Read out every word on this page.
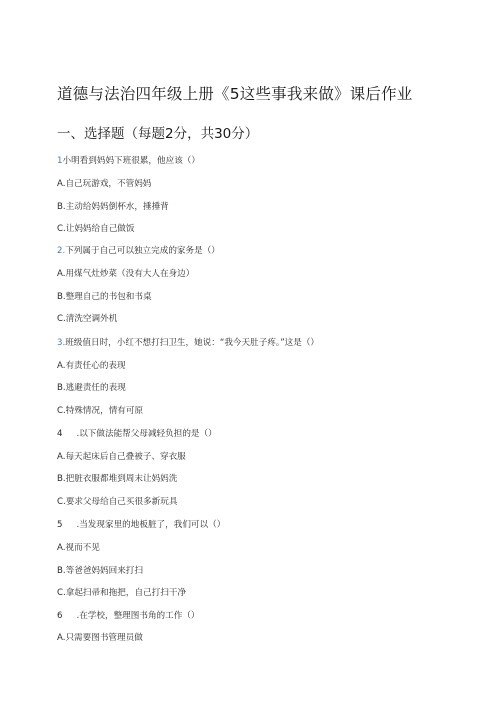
道德与法治四年级上册《5这些事我来做》课后作业
一、选择题（每题2分，共30分）
1小明看到妈妈下班很累，他应该（）
A.自己玩游戏，不管妈妈
B.主动给妈妈倒杯水，捶捶背
C.让妈妈给自己做饭
2.下列属于自己可以独立完成的家务是（）
A.用煤气灶炒菜（没有大人在身边）
B.整理自己的书包和书桌
C.清洗空调外机
3.班级值日时，小红不想打扫卫生，她说：“我今天肚子疼。”这是（）
A.有责任心的表现
B.逃避责任的表现
C.特殊情况，情有可原
4 .以下做法能帮父母减轻负担的是（）
A.每天起床后自己叠被子、穿衣服
B.把脏衣服都堆到周末让妈妈洗
C.要求父母给自己买很多新玩具
5 .当发现家里的地板脏了，我们可以（）
A.视而不见
B.等爸爸妈妈回来打扫
C.拿起扫帚和拖把，自己打扫干净
6 .在学校，整理图书角的工作（）
A.只需要图书管理员做
